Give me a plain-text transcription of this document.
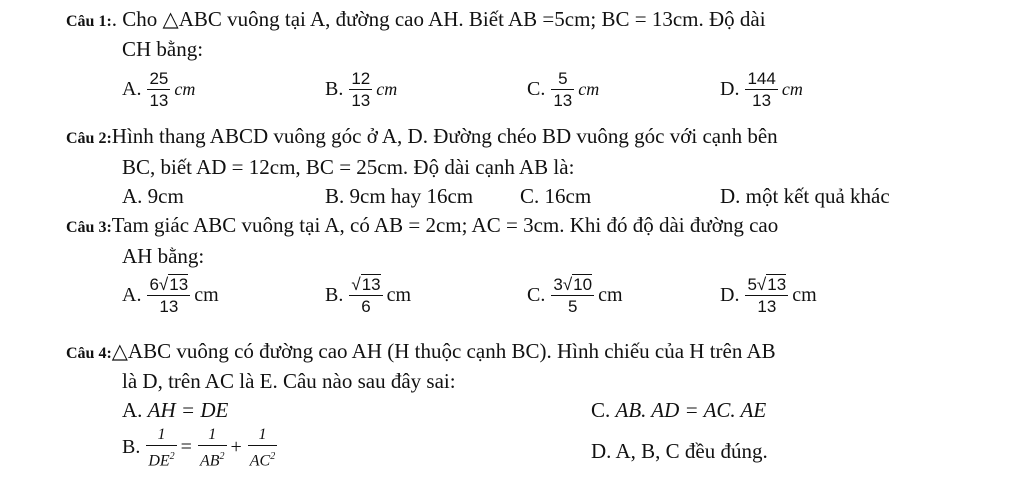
Câu 1:. Cho △ABC vuông tại A, đường cao AH. Biết AB =5cm; BC = 13cm. Độ dài
CH bằng:
A. $\frac{25}{13}$ cm	B. $\frac{12}{13}$ cm	C. $\frac{5}{13}$ cm	D. $\frac{144}{13}$ cm
Câu 2:Hình thang ABCD vuông góc ở A, D. Đường chéo BD vuông góc với cạnh bên
BC, biết AD = 12cm, BC = 25cm. Độ dài cạnh AB là:
A. 9cm	B. 9cm hay 16cm C. 16cm	D. một kết quả khác
Câu 3:Tam giác ABC vuông tại A, có AB = 2cm; AC = 3cm. Khi đó độ dài đường cao
AH bằng:
A. $\frac{6√13}{13}$ cm	B. $\frac{√13}{6}$ cm	C. $\frac{3√10}{5}$ cm	D. $\frac{5√13}{13}$ cm
Câu 4:△ABC vuông có đường cao AH (H thuộc cạnh BC). Hình chiếu của H trên AB
là D, trên AC là E. Câu nào sau đây sai:
A. AH = DE	C. AB. AD = AC. AE
B. $\frac{1}{DE^2} = \frac{1}{AB^2} + \frac{1}{AC^2}$	D. A, B, C đều đúng.
